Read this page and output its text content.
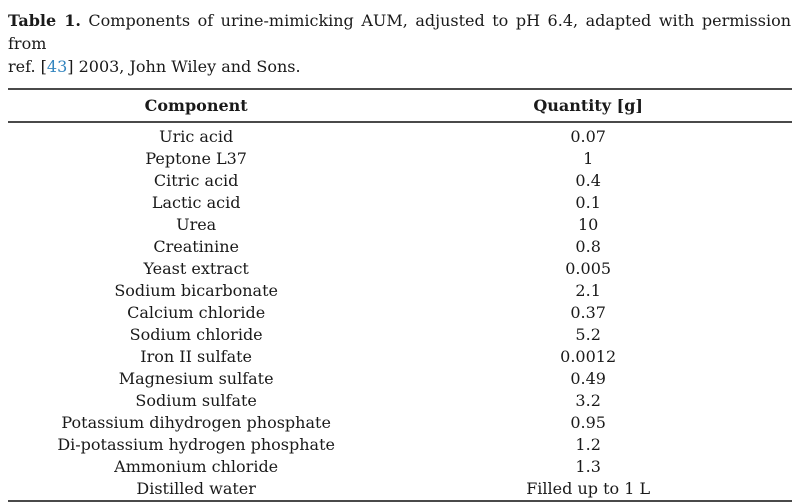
Table 1. Components of urine-mimicking AUM, adjusted to pH 6.4, adapted with permission from
ref. [43] 2003, John Wiley and Sons.
Component	Quantity [g]
Uric acid	0.07
Peptone L37	1
Citric acid	0.4
Lactic acid	0.1
Urea	10
Creatinine	0.8
Yeast extract	0.005
Sodium bicarbonate	2.1
Calcium chloride	0.37
Sodium chloride	5.2
Iron II sulfate	0.0012
Magnesium sulfate	0.49
Sodium sulfate	3.2
Potassium dihydrogen phosphate	0.95
Di-potassium hydrogen phosphate	1.2
Ammonium chloride	1.3
Distilled water	Filled up to 1 L
